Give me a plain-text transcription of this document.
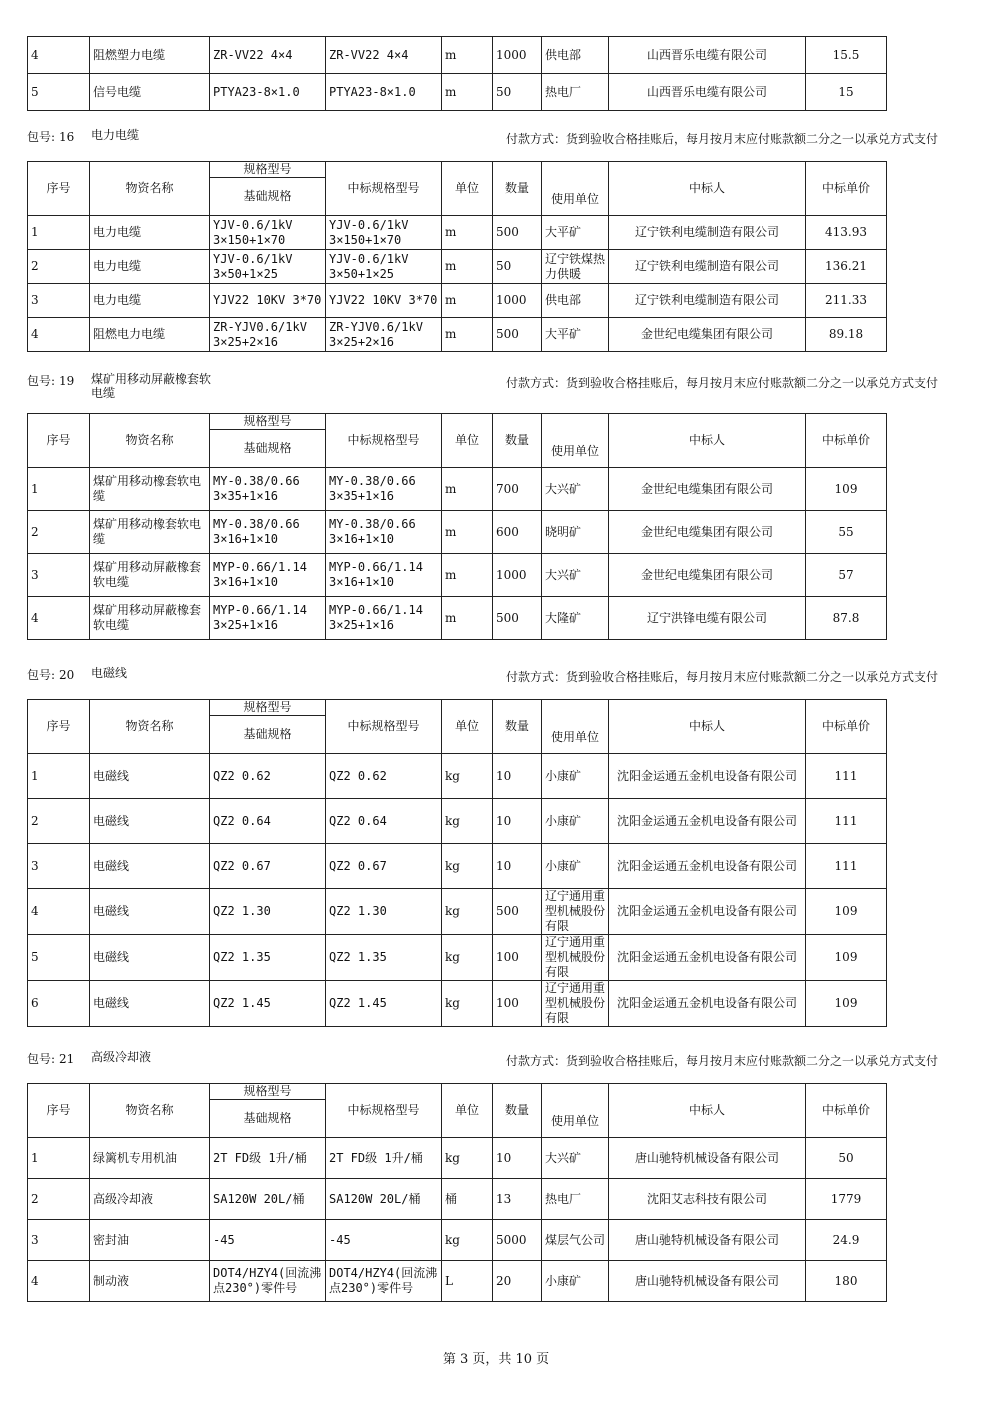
4	阻燃塑力电缆	ZR-VV22 4×4	ZR-VV22 4×4	m	1000	供电部	山西晋乐电缆有限公司	15.5
5	信号电缆	PTYA23-8×1.0	PTYA23-8×1.0	m	50	热电厂	山西晋乐电缆有限公司	15
包号: 16 电力电缆	付款方式：货到验收合格挂账后，每月按月末应付账款额二分之一以承兑方式支付
序号	物资名称	规格型号	中标规格型号	单位	数量	使用单位	中标人	中标单价
		基础规格						
1	电力电缆	YJV-0.6/1kV 3×150+1×70	YJV-0.6/1kV 3×150+1×70	m	500	大平矿	辽宁铁利电缆制造有限公司	413.93
2	电力电缆	YJV-0.6/1kV 3×50+1×25	YJV-0.6/1kV 3×50+1×25	m	50	辽宁铁煤热力供暖	辽宁铁利电缆制造有限公司	136.21
3	电力电缆	YJV22 10KV 3*70	YJV22 10KV 3*70	m	1000	供电部	辽宁铁利电缆制造有限公司	211.33
4	阻燃电力电缆	ZR-YJV0.6/1kV 3×25+2×16	ZR-YJV0.6/1kV 3×25+2×16	m	500	大平矿	金世纪电缆集团有限公司	89.18
包号: 19 煤矿用移动屏蔽橡套软电缆
付款方式：货到验收合格挂账后，每月按月末应付账款额二分之一以承兑方式支付
序号	物资名称	规格型号	中标规格型号	单位	数量	使用单位	中标人	中标单价
		基础规格						
1	煤矿用移动橡套软电缆	MY-0.38/0.66 3×35+1×16	MY-0.38/0.66 3×35+1×16	m	700	大兴矿	金世纪电缆集团有限公司	109
2	煤矿用移动橡套软电缆	MY-0.38/0.66 3×16+1×10	MY-0.38/0.66 3×16+1×10	m	600	晓明矿	金世纪电缆集团有限公司	55
3	煤矿用移动屏蔽橡套软电缆	MYP-0.66/1.14 3×16+1×10	MYP-0.66/1.14 3×16+1×10	m	1000	大兴矿	金世纪电缆集团有限公司	57
4	煤矿用移动屏蔽橡套软电缆	MYP-0.66/1.14 3×25+1×16	MYP-0.66/1.14 3×25+1×16	m	500	大隆矿	辽宁洪锋电缆有限公司	87.8
包号: 20 电磁线	付款方式：货到验收合格挂账后，每月按月末应付账款额二分之一以承兑方式支付
序号	物资名称	规格型号	中标规格型号	单位	数量	使用单位	中标人	中标单价
		基础规格						
1	电磁线	QZ2 0.62	QZ2 0.62	kg	10	小康矿	沈阳金运通五金机电设备有限公司	111
2	电磁线	QZ2 0.64	QZ2 0.64	kg	10	小康矿	沈阳金运通五金机电设备有限公司	111
3	电磁线	QZ2 0.67	QZ2 0.67	kg	10	小康矿	沈阳金运通五金机电设备有限公司	111
4	电磁线	QZ2 1.30	QZ2 1.30	kg	500	辽宁通用重型机械股份有限	沈阳金运通五金机电设备有限公司	109
5	电磁线	QZ2 1.35	QZ2 1.35	kg	100	辽宁通用重型机械股份有限	沈阳金运通五金机电设备有限公司	109
6	电磁线	QZ2 1.45	QZ2 1.45	kg	100	辽宁通用重型机械股份有限	沈阳金运通五金机电设备有限公司	109
包号: 21 高级冷却液	付款方式：货到验收合格挂账后，每月按月末应付账款额二分之一以承兑方式支付
序号	物资名称	规格型号	中标规格型号	单位	数量	使用单位	中标人	中标单价
		基础规格						
1	绿篱机专用机油	2T FD级 1升/桶	2T FD级 1升/桶	kg	10	大兴矿	唐山驰特机械设备有限公司	50
2	高级冷却液	SA120W 20L/桶	SA120W 20L/桶	桶	13	热电厂	沈阳艾志科技有限公司	1779
3	密封油	-45	-45	kg	5000	煤层气公司	唐山驰特机械设备有限公司	24.9
4	制动液	DOT4/HZY4(回流沸点230°)零件号	DOT4/HZY4(回流沸点230°)零件号	L	20	小康矿	唐山驰特机械设备有限公司	180
第 3 页，共 10 页
